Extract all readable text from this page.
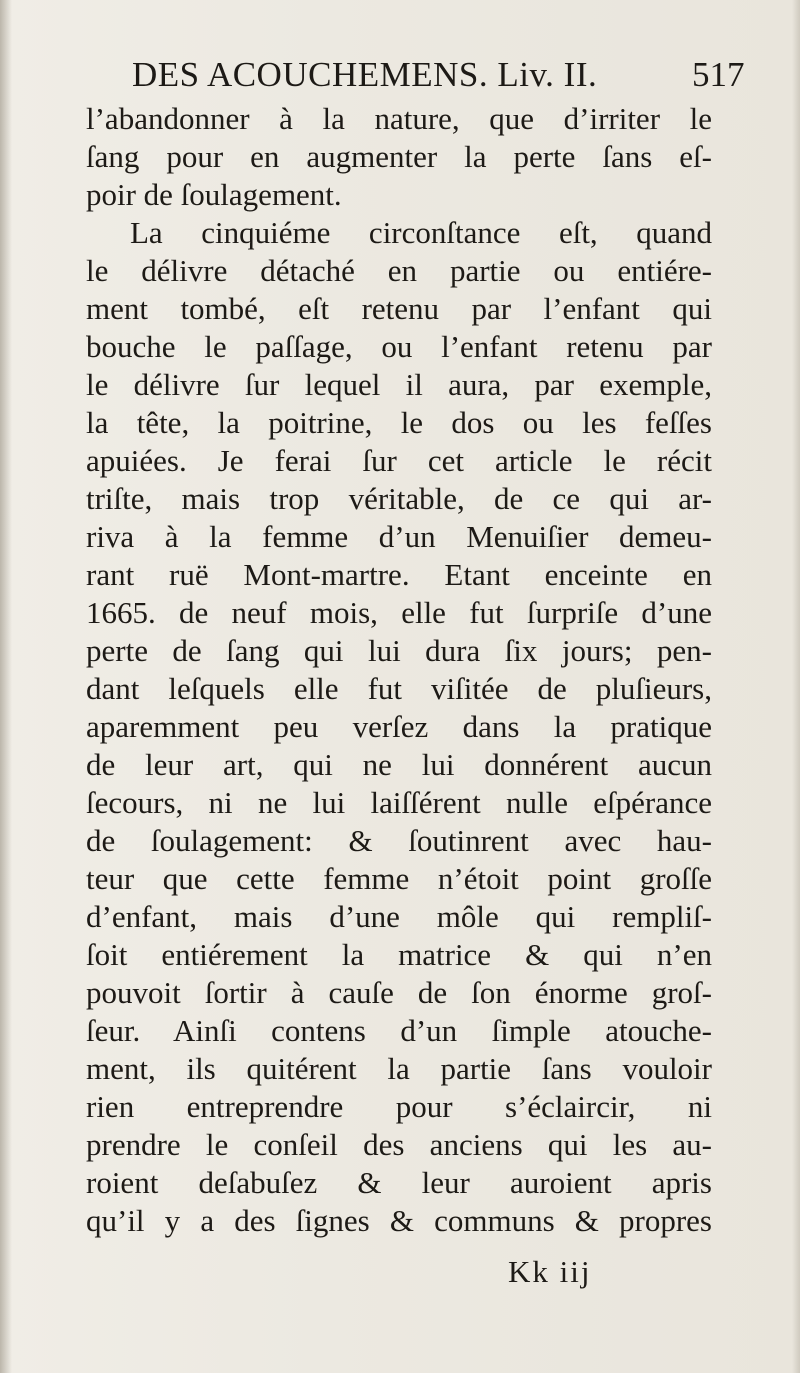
DES ACOUCHEMENS. Liv. II.	517
l’abandonner à la nature, que d’irriter le
ſang pour en augmenter la perte ſans eſ-
poir de ſoulagement.
La cinquiéme circonſtance eſt, quand
le délivre détaché en partie ou entiére-
ment tombé, eſt retenu par l’enfant qui
bouche le paſſage, ou l’enfant retenu par
le délivre ſur lequel il aura, par exemple,
la tête, la poitrine, le dos ou les feſſes
apuiées. Je ferai ſur cet article le récit
triſte, mais trop véritable, de ce qui ar-
riva à la femme d’un Menuiſier demeu-
rant ruë Mont-martre. Etant enceinte en
1665. de neuf mois, elle fut ſurpriſe d’une
perte de ſang qui lui dura ſix jours; pen-
dant leſquels elle fut viſitée de pluſieurs,
aparemment peu verſez dans la pratique
de leur art, qui ne lui donnérent aucun
ſecours, ni ne lui laiſſérent nulle eſpérance
de ſoulagement: & ſoutinrent avec hau-
teur que cette femme n’étoit point groſſe
d’enfant, mais d’une môle qui rempliſ-
ſoit entiérement la matrice & qui n’en
pouvoit ſortir à cauſe de ſon énorme groſ-
ſeur. Ainſi contens d’un ſimple atouche-
ment, ils quitérent la partie ſans vouloir
rien entreprendre pour s’éclaircir, ni
prendre le conſeil des anciens qui les au-
roient deſabuſez & leur auroient apris
qu’il y a des ſignes & communs & propres
Kk iij
